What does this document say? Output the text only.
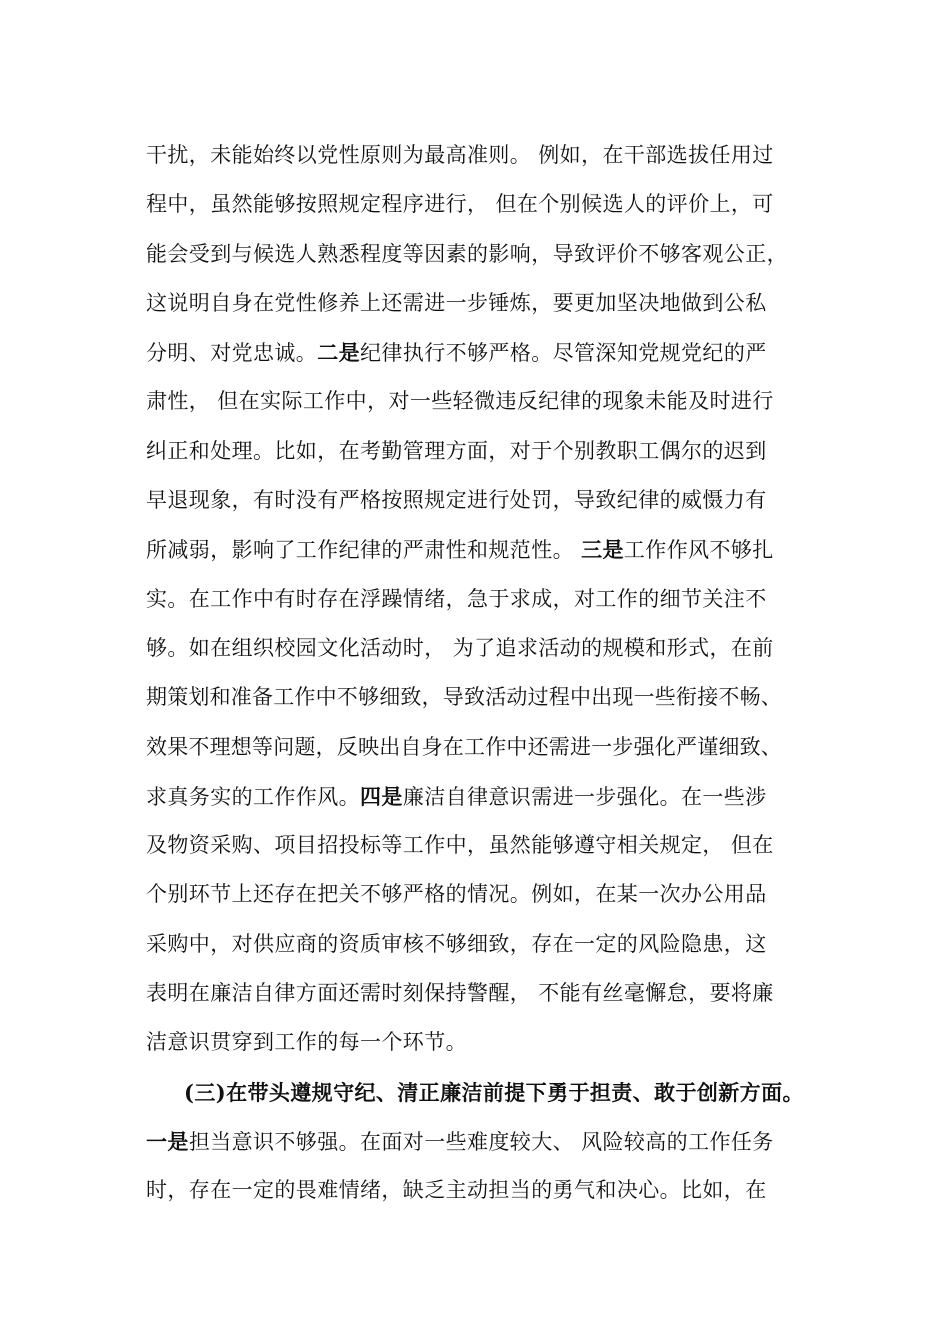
干扰，未能始终以党性原则为最高准则。 例如，在干部选拔任用过
程中，虽然能够按照规定程序进行， 但在个别候选人的评价上，可
能会受到与候选人熟悉程度等因素的影响，导致评价不够客观公正，
这说明自身在党性修养上还需进一步锤炼，要更加坚决地做到公私
分明、对党忠诚。二是纪律执行不够严格。尽管深知党规党纪的严
肃性， 但在实际工作中，对一些轻微违反纪律的现象未能及时进行
纠正和处理。比如，在考勤管理方面，对于个别教职工偶尔的迟到
早退现象，有时没有严格按照规定进行处罚，导致纪律的威慑力有
所减弱，影响了工作纪律的严肃性和规范性。 三是工作作风不够扎
实。在工作中有时存在浮躁情绪，急于求成，对工作的细节关注不
够。如在组织校园文化活动时， 为了追求活动的规模和形式，在前
期策划和准备工作中不够细致，导致活动过程中出现一些衔接不畅、
效果不理想等问题，反映出自身在工作中还需进一步强化严谨细致、
求真务实的工作作风。四是廉洁自律意识需进一步强化。在一些涉
及物资采购、项目招投标等工作中，虽然能够遵守相关规定， 但在
个别环节上还存在把关不够严格的情况。例如，在某一次办公用品
采购中，对供应商的资质审核不够细致，存在一定的风险隐患，这
表明在廉洁自律方面还需时刻保持警醒， 不能有丝毫懈怠，要将廉
洁意识贯穿到工作的每一个环节。
(三)在带头遵规守纪、清正廉洁前提下勇于担责、敢于创新方面。
一是担当意识不够强。在面对一些难度较大、 风险较高的工作任务
时，存在一定的畏难情绪，缺乏主动担当的勇气和决心。比如，在
